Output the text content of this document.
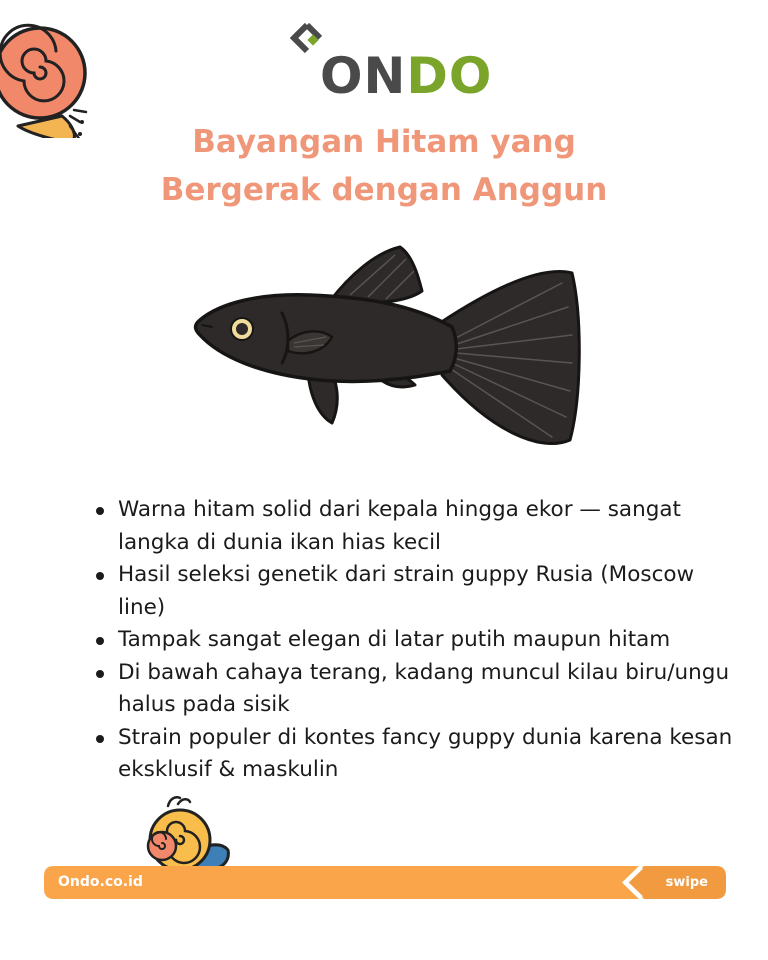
ONDO
Bayangan Hitam yang
Bergerak dengan Anggun
Warna hitam solid dari kepala hingga ekor — sangat langka di dunia ikan hias kecil
Hasil seleksi genetik dari strain guppy Rusia (Moscow line)
Tampak sangat elegan di latar putih maupun hitam
Di bawah cahaya terang, kadang muncul kilau biru/ungu halus pada sisik
Strain populer di kontes fancy guppy dunia karena kesan eksklusif & maskulin
Ondo.co.id	swipe
